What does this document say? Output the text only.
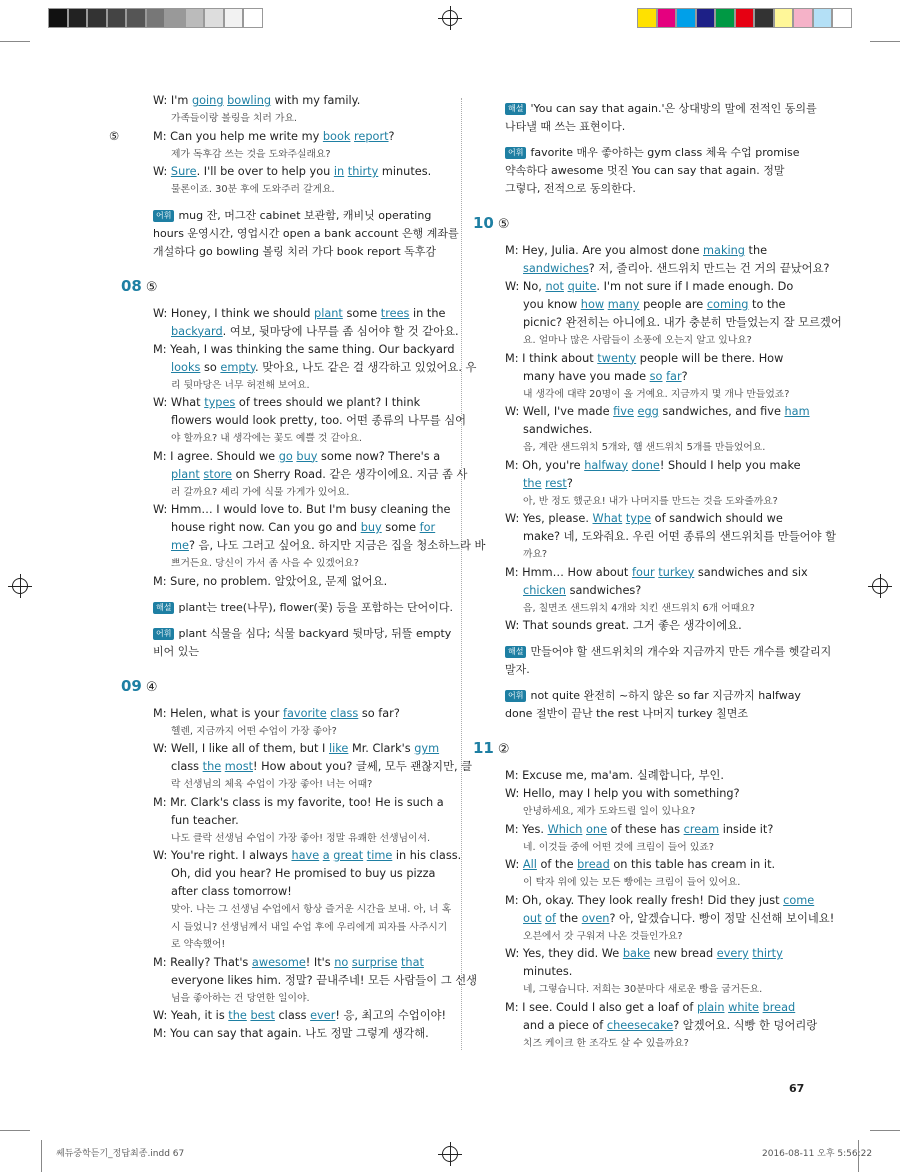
W: I'm going bowling with my family.
가족들이랑 볼링을 치러 가요.
⑤	M: Can you help me write my book report?
제가 독후감 쓰는 것을 도와주실래요?
W: Sure. I'll be over to help you in thirty minutes.
물론이죠. 30분 후에 도와주러 갈게요.
어휘 mug 잔, 머그잔 cabinet 보관함, 캐비닛 operating
hours 운영시간, 영업시간 open a bank account 은행 계좌를
개설하다 go bowling 볼링 치러 가다 book report 독후감
08 ⑤
W: Honey, I think we should plant some trees in the
backyard. 여보, 뒷마당에 나무를 좀 심어야 할 것 같아요.
M: Yeah, I was thinking the same thing. Our backyard
looks so empty. 맞아요, 나도 같은 걸 생각하고 있었어요. 우
리 뒷마당은 너무 허전해 보여요.
W: What types of trees should we plant? I think
flowers would look pretty, too. 어떤 종류의 나무를 심어
야 할까요? 내 생각에는 꽃도 예쁠 것 같아요.
M: I agree. Should we go buy some now? There's a
plant store on Sherry Road. 같은 생각이에요. 지금 좀 사
러 갈까요? 셰리 가에 식물 가게가 있어요.
W: Hmm… I would love to. But I'm busy cleaning the
house right now. Can you go and buy some for
me? 음, 나도 그러고 싶어요. 하지만 지금은 집을 청소하느라 바
쁘거든요. 당신이 가서 좀 사을 수 있겠어요?
M: Sure, no problem. 알았어요, 문제 없어요.
해설 plant는 tree(나무), flower(꽃) 등을 포함하는 단어이다.
어휘 plant 식물을 심다; 식물 backyard 뒷마당, 뒤뜰 empty
비어 있는
09 ④
M: Helen, what is your favorite class so far?
헬렌, 지금까지 어떤 수업이 가장 좋아?
W: Well, I like all of them, but I like Mr. Clark's gym
class the most! How about you? 글쎄, 모두 괜찮지만, 클
락 선생님의 체육 수업이 가장 좋아! 너는 어때?
M: Mr. Clark's class is my favorite, too! He is such a
fun teacher.
나도 클락 선생님 수업이 가장 좋아! 정말 유쾌한 선생님이셔.
W: You're right. I always have a great time in his class.
Oh, did you hear? He promised to buy us pizza
after class tomorrow!
맞아. 나는 그 선생님 수업에서 항상 즐거운 시간을 보내. 아, 너 혹
시 들었니? 선생님께서 내일 수업 후에 우리에게 피자를 사주시기
로 약속했어!
M: Really? That's awesome! It's no surprise that
everyone likes him. 정말? 끝내주네! 모든 사람들이 그 선생
님을 좋아하는 건 당연한 일이야.
W: Yeah, it is the best class ever! 응, 최고의 수업이야!
M: You can say that again. 나도 정말 그렇게 생각해.
해설 'You can say that again.'은 상대방의 말에 전적인 동의를
나타낼 때 쓰는 표현이다.
어휘 favorite 매우 좋아하는 gym class 체육 수업 promise
약속하다 awesome 멋진 You can say that again. 정말
그렇다, 전적으로 동의한다.
10 ⑤
M: Hey, Julia. Are you almost done making the
sandwiches? 저, 줄리아. 샌드위치 만드는 건 거의 끝났어요?
W: No, not quite. I'm not sure if I made enough. Do
you know how many people are coming to the
picnic? 완전히는 아니에요. 내가 충분히 만들었는지 잘 모르겠어
요. 얼마나 많은 사람들이 소풍에 오는지 알고 있나요?
M: I think about twenty people will be there. How
many have you made so far?
내 생각에 대략 20명이 올 거예요. 지금까지 몇 개나 만들었죠?
W: Well, I've made five egg sandwiches, and five ham
sandwiches.
음, 계란 샌드위치 5개와, 햄 샌드위치 5개를 만들었어요.
M: Oh, you're halfway done! Should I help you make
the rest?
아, 반 정도 했군요! 내가 나머지를 만드는 것을 도와줄까요?
W: Yes, please. What type of sandwich should we
make? 네, 도와줘요. 우린 어떤 종류의 샌드위치를 만들어야 할
까요?
M: Hmm… How about four turkey sandwiches and six
chicken sandwiches?
음, 칠면조 샌드위치 4개와 치킨 샌드위치 6개 어때요?
W: That sounds great. 그거 좋은 생각이에요.
해설 만들어야 할 샌드위치의 개수와 지금까지 만든 개수를 헷갈리지
말자.
어휘 not quite 완전히 ~하지 않은 so far 지금까지 halfway
done 절반이 끝난 the rest 나머지 turkey 칠면조
11 ②
M: Excuse me, ma'am. 실례합니다, 부인.
W: Hello, may I help you with something?
안녕하세요, 제가 도와드릴 일이 있나요?
M: Yes. Which one of these has cream inside it?
네. 이것들 중에 어떤 것에 크림이 들어 있죠?
W: All of the bread on this table has cream in it.
이 탁자 위에 있는 모든 빵에는 크림이 들어 있어요.
M: Oh, okay. They look really fresh! Did they just come
out of the oven? 아, 알겠습니다. 빵이 정말 신선해 보이네요!
오븐에서 갓 구워져 나온 것들인가요?
W: Yes, they did. We bake new bread every thirty
minutes.
네, 그렇습니다. 저희는 30분마다 새로운 빵을 굽거든요.
M: I see. Could I also get a loaf of plain white bread
and a piece of cheesecake? 알겠어요. 식빵 한 덩어리랑
치즈 케이크 한 조각도 살 수 있을까요?
67
쎄듀중학듣기_정답최종.indd 67	2016-08-11 오후 5:56:22
